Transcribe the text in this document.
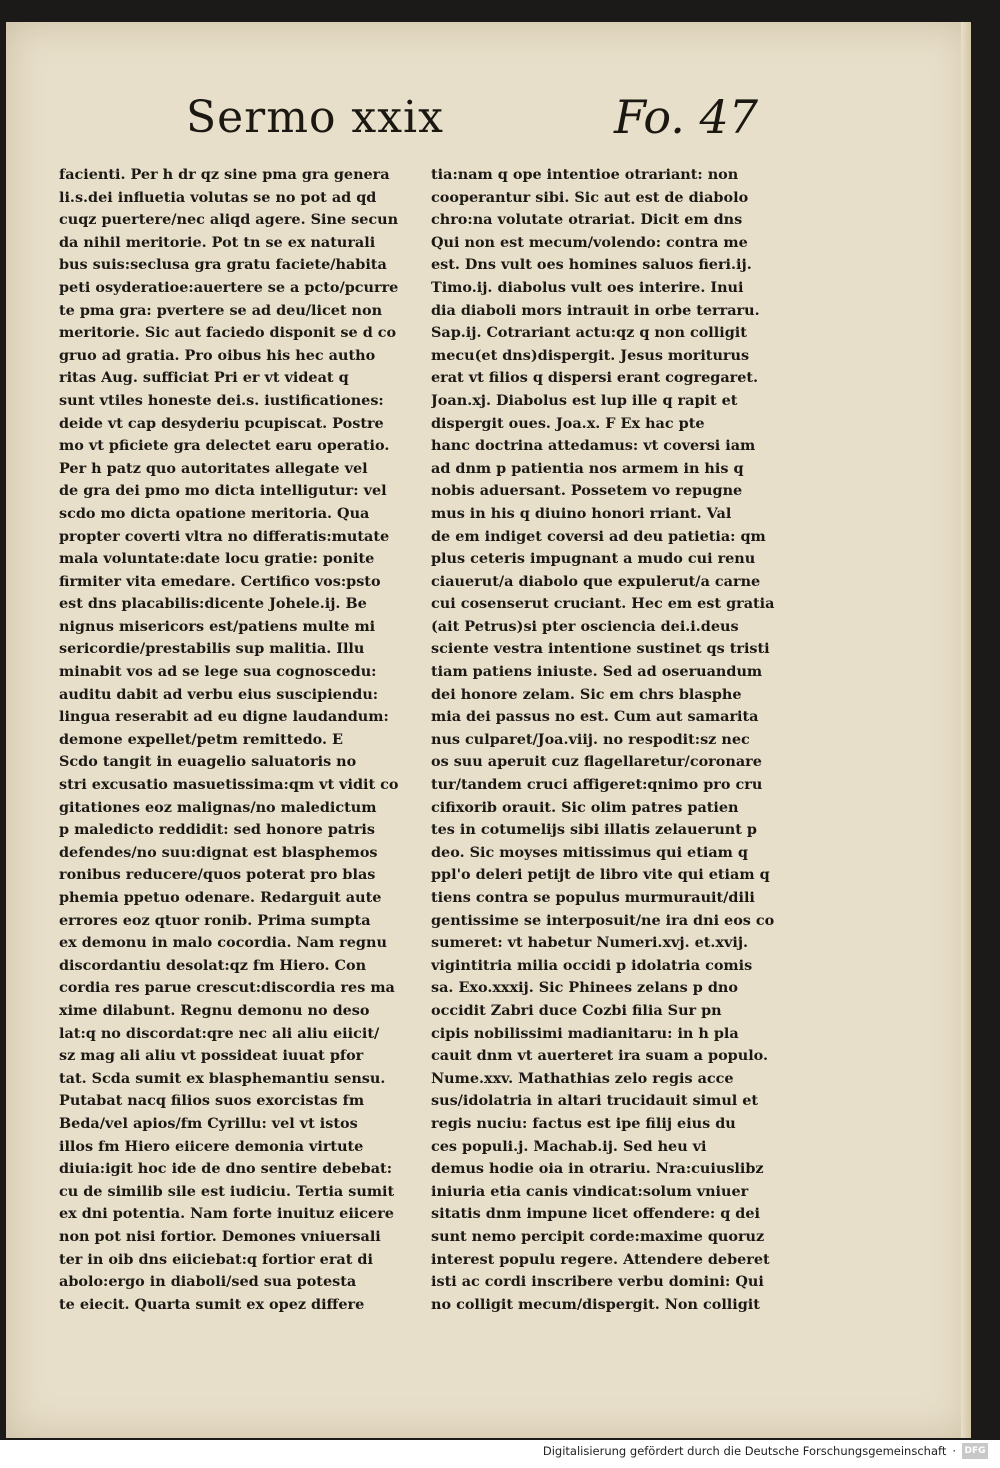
Sermo xxix	Fo. 47
facienti. Per h dr qz sine pma gra genera
li.s.dei influetia volutas se no pot ad qd
cuqz puertere/nec aliqd agere. Sine secun
da nihil meritorie. Pot tn se ex naturali
bus suis:seclusa gra gratu faciete/habita
peti osyderatioe:auertere se a pcto/pcurre
te pma gra: pvertere se ad deu/licet non
meritorie. Sic aut faciedo disponit se d co
gruo ad gratia. Pro oibus his hec autho
ritas Aug. sufficiat Pri er vt videat q
sunt vtiles honeste dei.s. iustificationes:
deide vt cap desyderiu pcupiscat. Postre
mo vt pficiete gra delectet earu operatio.
Per h patz quo autoritates allegate vel
de gra dei pmo mo dicta intelligutur: vel
scdo mo dicta opatione meritoria. Qua
propter coverti vltra no differatis:mutate
mala voluntate:date locu gratie: ponite
firmiter vita emedare. Certifico vos:psto
est dns placabilis:dicente Johele.ij. Be
nignus misericors est/patiens multe mi
sericordie/prestabilis sup malitia. Illu
minabit vos ad se lege sua cognoscedu:
auditu dabit ad verbu eius suscipiendu:
lingua reserabit ad eu digne laudandum:
demone expellet/petm remittedo. E
Scdo tangit in euagelio saluatoris no
stri excusatio masuetissima:qm vt vidit co
gitationes eoz malignas/no maledictum
p maledicto reddidit: sed honore patris
defendes/no suu:dignat est blasphemos
ronibus reducere/quos poterat pro blas
phemia ppetuo odenare. Redarguit aute
errores eoz qtuor ronib. Prima sumpta
ex demonu in malo cocordia. Nam regnu
discordantiu desolat:qz fm Hiero. Con
cordia res parue crescut:discordia res ma
xime dilabunt. Regnu demonu no deso
lat:q no discordat:qre nec ali aliu eiicit/
sz mag ali aliu vt possideat iuuat pfor
tat. Scda sumit ex blasphemantiu sensu.
Putabat nacq filios suos exorcistas fm
Beda/vel apios/fm Cyrillu: vel vt istos
illos fm Hiero eiicere demonia virtute
diuia:igit hoc ide de dno sentire debebat:
cu de similib sile est iudiciu. Tertia sumit
ex dni potentia. Nam forte inuituz eiicere
non pot nisi fortior. Demones vniuersali
ter in oib dns eiiciebat:q fortior erat di
abolo:ergo in diaboli/sed sua potesta
te eiecit. Quarta sumit ex opez differe
tia:nam q ope intentioe otrariant: non
cooperantur sibi. Sic aut est de diabolo
chro:na volutate otrariat. Dicit em dns
Qui non est mecum/volendo: contra me
est. Dns vult oes homines saluos fieri.ij.
Timo.ij. diabolus vult oes interire. Inui
dia diaboli mors intrauit in orbe terraru.
Sap.ij. Cotrariant actu:qz q non colligit
mecu(et dns)dispergit. Jesus moriturus
erat vt filios q dispersi erant cogregaret.
Joan.xj. Diabolus est lup ille q rapit et
dispergit oues. Joa.x. F Ex hac pte
hanc doctrina attedamus: vt coversi iam
ad dnm p patientia nos armem in his q
nobis aduersant. Possetem vo repugne
mus in his q diuino honori rriant. Val
de em indiget coversi ad deu patietia: qm
plus ceteris impugnant a mudo cui renu
ciauerut/a diabolo que expulerut/a carne
cui cosenserut cruciant. Hec em est gratia
(ait Petrus)si pter osciencia dei.i.deus
sciente vestra intentione sustinet qs tristi
tiam patiens iniuste. Sed ad oseruandum
dei honore zelam. Sic em chrs blasphe
mia dei passus no est. Cum aut samarita
nus culparet/Joa.viij. no respodit:sz nec
os suu aperuit cuz flagellaretur/coronare
tur/tandem cruci affigeret:qnimo pro cru
cifixorib orauit. Sic olim patres patien
tes in cotumelijs sibi illatis zelauerunt p
deo. Sic moyses mitissimus qui etiam q
ppl'o deleri petijt de libro vite qui etiam q
tiens contra se populus murmurauit/dili
gentissime se interposuit/ne ira dni eos co
sumeret: vt habetur Numeri.xvj. et.xvij.
vigintitria milia occidi p idolatria comis
sa. Exo.xxxij. Sic Phinees zelans p dno
occidit Zabri duce Cozbi filia Sur pn
cipis nobilissimi madianitaru: in h pla
cauit dnm vt auerteret ira suam a populo.
Nume.xxv. Mathathias zelo regis acce
sus/idolatria in altari trucidauit simul et
regis nuciu: factus est ipe filij eius du
ces populi.j. Machab.ij. Sed heu vi
demus hodie oia in otrariu. Nra:cuiuslibz
iniuria etia canis vindicat:solum vniuer
sitatis dnm impune licet offendere: q dei
sunt nemo percipit corde:maxime quoruz
interest populu regere. Attendere deberet
isti ac cordi inscribere verbu domini: Qui
no colligit mecum/dispergit. Non colligit
Digitalisierung gefördert durch die Deutsche Forschungsgemeinschaft · DFG
